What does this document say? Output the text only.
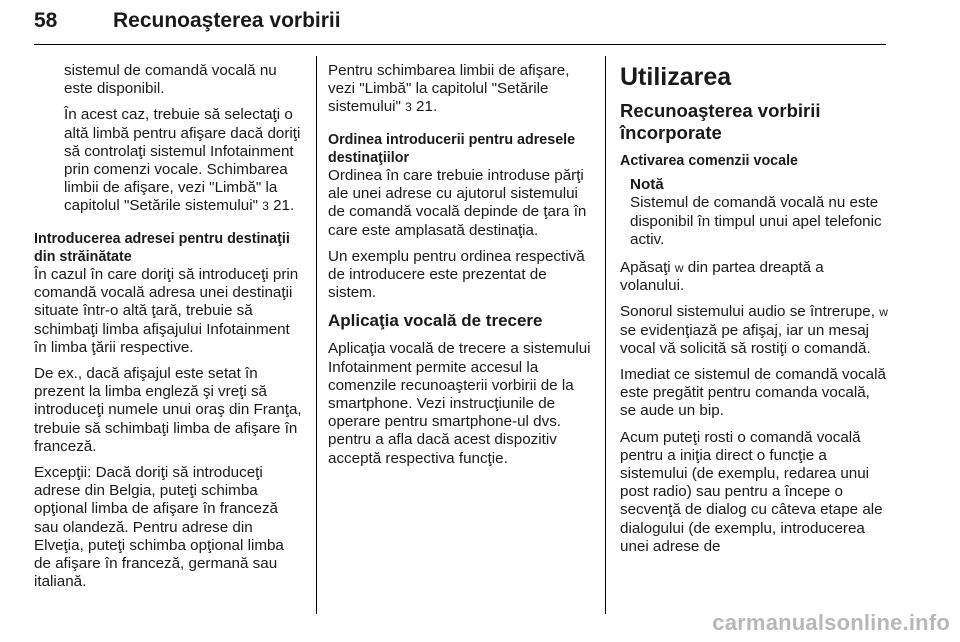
58	Recunoaşterea vorbirii

sistemul de comandă vocală nu este disponibil.

În acest caz, trebuie să selectaţi o altă limbă pentru afişare dacă doriţi să controlaţi sistemul Infotainment prin comenzi vocale. Schimbarea limbii de afişare, vezi "Limbă" la capitolul "Setările sistemului" 3 21.

Introducerea adresei pentru destinaţii din străinătate

În cazul în care doriţi să introduceţi prin comandă vocală adresa unei destinaţii situate într-o altă ţară, trebuie să schimbaţi limba afişajului Infotainment în limba ţării respective.

De ex., dacă afişajul este setat în prezent la limba engleză şi vreţi să introduceţi numele unui oraş din Franţa, trebuie să schimbaţi limba de afişare în franceză.

Excepţii: Dacă doriţi să introduceţi adrese din Belgia, puteţi schimba opţional limba de afişare în franceză sau olandeză. Pentru adrese din Elveţia, puteţi schimba opţional limba de afişare în franceză, germană sau italiană.

Pentru schimbarea limbii de afişare, vezi "Limbă" la capitolul "Setările sistemului" 3 21.

Ordinea introducerii pentru adresele destinaţiilor

Ordinea în care trebuie introduse părţi ale unei adrese cu ajutorul sistemului de comandă vocală depinde de ţara în care este amplasată destinaţia.

Un exemplu pentru ordinea respectivă de introducere este prezentat de sistem.

Aplicaţia vocală de trecere

Aplicaţia vocală de trecere a sistemului Infotainment permite accesul la comenzile recunoaşterii vorbirii de la smartphone. Vezi instrucţiunile de operare pentru smartphone-ul dvs. pentru a afla dacă acest dispozitiv acceptă respectiva funcţie.

Utilizarea

Recunoaşterea vorbirii încorporate

Activarea comenzii vocale

Notă
Sistemul de comandă vocală nu este disponibil în timpul unui apel telefonic activ.

Apăsaţi w din partea dreaptă a volanului.

Sonorul sistemului audio se întrerupe, w se evidenţiază pe afişaj, iar un mesaj vocal vă solicită să rostiţi o comandă.

Imediat ce sistemul de comandă vocală este pregătit pentru comanda vocală, se aude un bip.

Acum puteţi rosti o comandă vocală pentru a iniţia direct o funcţie a sistemului (de exemplu, redarea unui post radio) sau pentru a începe o secvenţă de dialog cu câteva etape ale dialogului (de exemplu, introducerea unei adrese de

carmanualsonline.info
